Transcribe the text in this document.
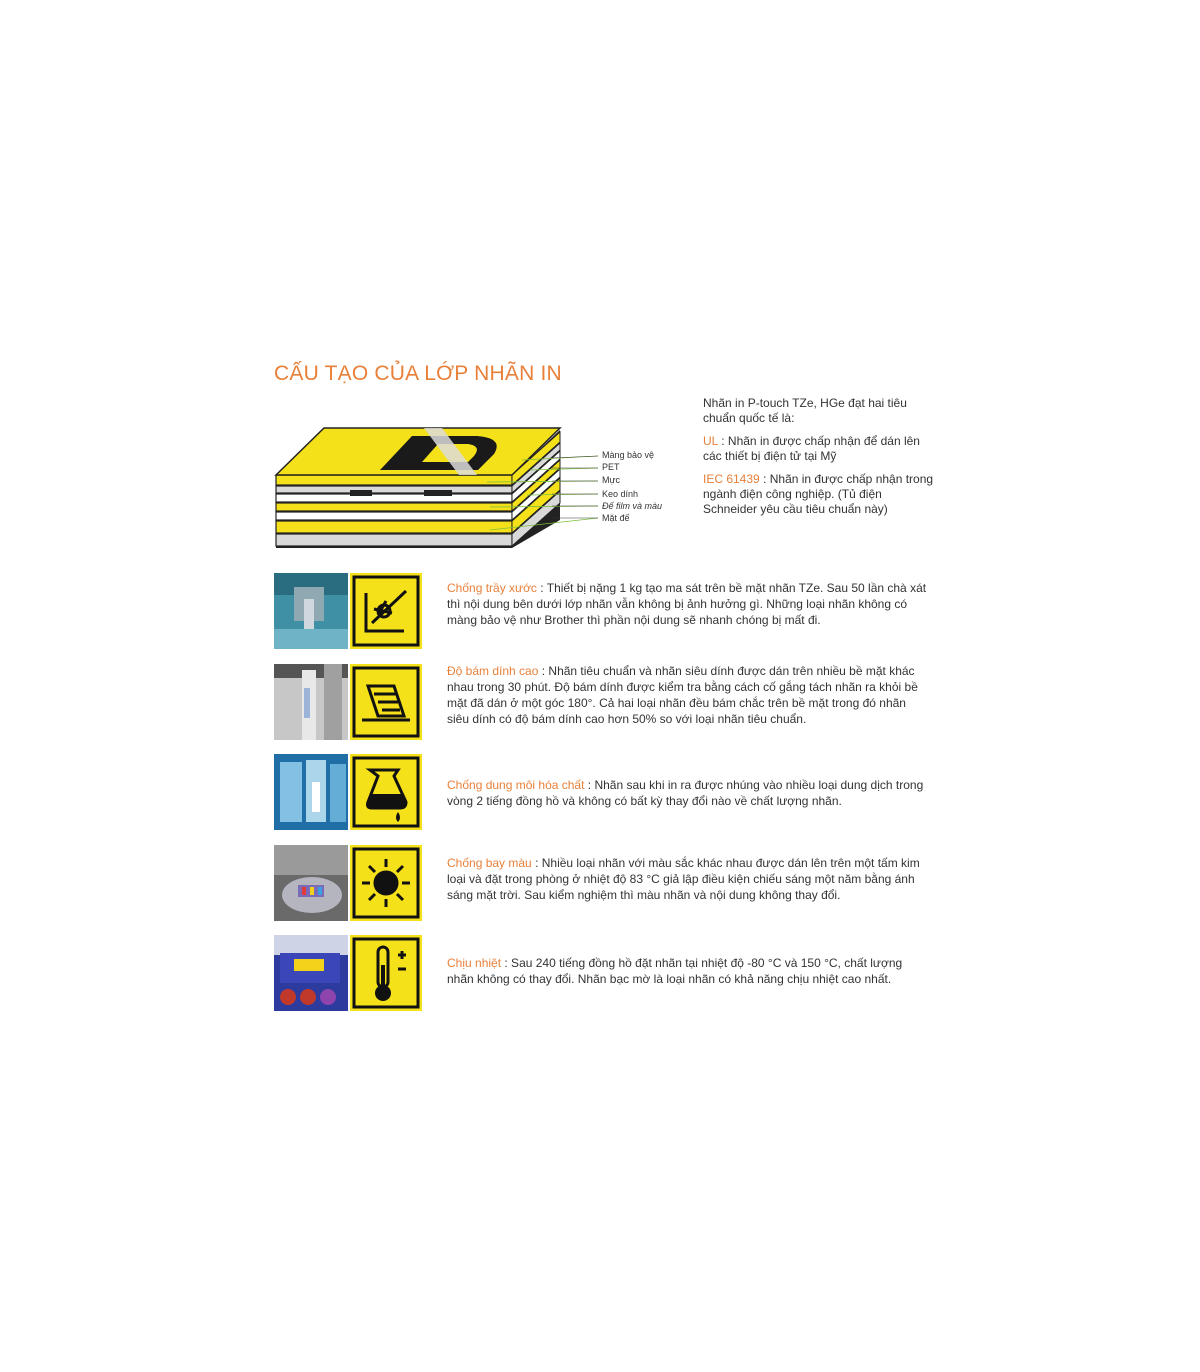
CẤU TẠO CỦA LỚP NHÃN IN
Màng bảo vệ
PET
Mực
Keo dính
Đế film và màu
Mặt đế

Nhãn in P-touch TZe, HGe đạt hai tiêu chuẩn quốc tế là:

UL : Nhãn in được chấp nhận để dán lên các thiết bị điện tử tại Mỹ

IEC 61439 : Nhãn in được chấp nhận trong ngành điện công nghiệp. (Tủ điện Schneider yêu cầu tiêu chuẩn này)

Chống trầy xước : Thiết bị nặng 1 kg tạo ma sát trên bề mặt nhãn TZe. Sau 50 lần chà xát thì nội dung bên dưới lớp nhãn vẫn không bị ảnh hưởng gì. Những loại nhãn không có màng bảo vệ như Brother thì phần nội dung sẽ nhanh chóng bị mất đi.
Độ bám dính cao : Nhãn tiêu chuẩn và nhãn siêu dính được dán trên nhiều bề mặt khác nhau trong 30 phút. Độ bám dính được kiểm tra bằng cách cố gắng tách nhãn ra khỏi bề mặt đã dán ở một góc 180°. Cả hai loại nhãn đều bám chắc trên bề mặt trong đó nhãn siêu dính có độ bám dính cao hơn 50% so với loại nhãn tiêu chuẩn.
Chống dung môi hóa chất : Nhãn sau khi in ra được nhúng vào nhiều loại dung dịch trong vòng 2 tiếng đồng hồ và không có bất kỳ thay đổi nào về chất lượng nhãn.
Chống bay màu : Nhiều loại nhãn với màu sắc khác nhau được dán lên trên một tấm kim loại và đặt trong phòng ở nhiệt độ 83 °C giả lập điều kiện chiếu sáng một năm bằng ánh sáng mặt trời. Sau kiểm nghiệm thì màu nhãn và nội dung không thay đổi.
Chịu nhiệt : Sau 240 tiếng đồng hồ đặt nhãn tại nhiệt độ -80 °C và 150 °C, chất lượng nhãn không có thay đổi. Nhãn bạc mờ là loại nhãn có khả năng chịu nhiệt cao nhất.
